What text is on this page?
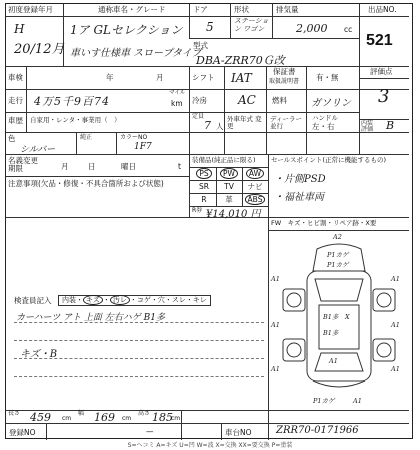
初度登録年月
H
20/12月
通称車名・グレード
1ア GLセレクション
車いす仕様車 スロープタイプ
ドア
5
形状
ステーション ワゴン
排気量
2,000 cc
型式
DBA-ZRR70Ｇ改
出品NO.
521
車検	年	月	シフト IAT	保証書
取扱説明書 有・無
評価点
3
走行 4万5千9百74
マイル
km 冷房	AC 燃料 ガソリン
車歴 自家用・レンタ・事業用（　）	定員
7 人
外車年式 変更
ディーラー 並行
ハンドル
左・右	内装 評価	B
色
シルバー
純正	カラーNO
1F7
名義変更 期限	月	日	曜日	t
注意事項(欠品・修復・不具合箇所および状態)
装備品(純正品に限る)
PS	PW	AW
SR	TV	ナビ
R	革	ABS
R券 ¥14,010 円
セールスポイント(正常に機能するもの)
・片側PSD
・福祉車両
FW　キズ・ヒビ割・リペア跡・X要
検査員記入	内装・ キズ ・ 汚レ ・コゲ・穴・スレ・キレ
カーハーツ アト 上面 左右ハゲ B1多
キズ・B
A2
P1カゲ
P1カゲ
A1	A1
A1	A1
B1多
B1多
X
A1	A1
A1
P1カゲ	A1
長さ 459 cm
幅 169 cm
高さ 185
cm
登録NO	—	車台NO ZRR70-0171966
S=ヘコミ A=キズ U=凹 W=波 X=交換 XX=要交換 P=塗装
